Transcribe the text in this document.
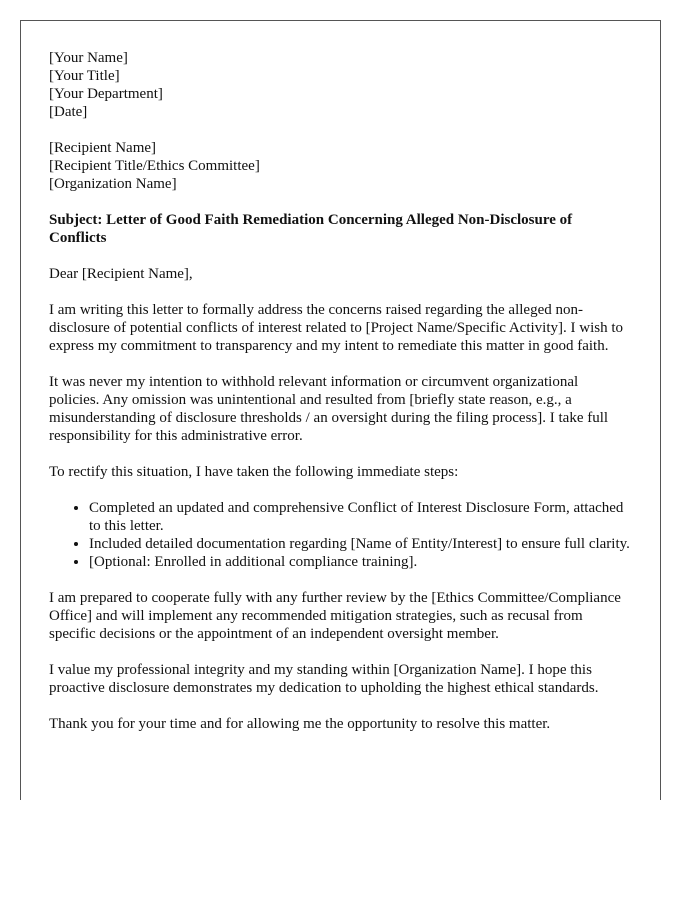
[Your Name]
[Your Title]
[Your Department]
[Date]
[Recipient Name]
[Recipient Title/Ethics Committee]
[Organization Name]

Subject: Letter of Good Faith Remediation Concerning Alleged Non-Disclosure of Conflicts

Dear [Recipient Name],

I am writing this letter to formally address the concerns raised regarding the alleged non-disclosure of potential conflicts of interest related to [Project Name/Specific Activity]. I wish to express my commitment to transparency and my intent to remediate this matter in good faith.

It was never my intention to withhold relevant information or circumvent organizational policies. Any omission was unintentional and resulted from [briefly state reason, e.g., a misunderstanding of disclosure thresholds / an oversight during the filing process]. I take full responsibility for this administrative error.

To rectify this situation, I have taken the following immediate steps:

• Completed an updated and comprehensive Conflict of Interest Disclosure Form, attached to this letter.
• Included detailed documentation regarding [Name of Entity/Interest] to ensure full clarity.
• [Optional: Enrolled in additional compliance training].

I am prepared to cooperate fully with any further review by the [Ethics Committee/Compliance Office] and will implement any recommended mitigation strategies, such as recusal from specific decisions or the appointment of an independent oversight member.

I value my professional integrity and my standing within [Organization Name]. I hope this proactive disclosure demonstrates my dedication to upholding the highest ethical standards.

Thank you for your time and for allowing me the opportunity to resolve this matter.
